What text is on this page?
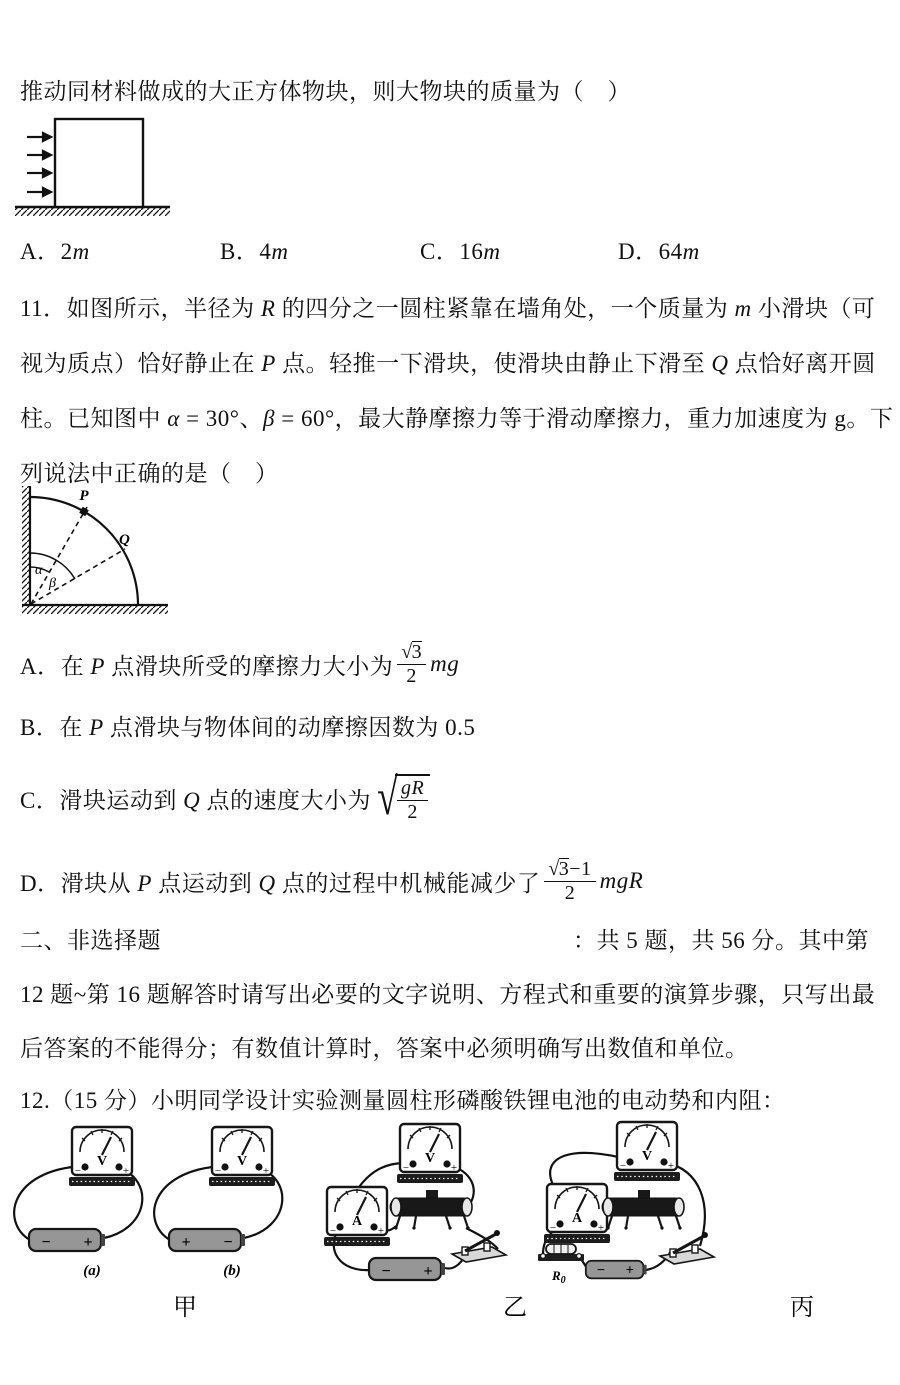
推动同材料做成的大正方体物块，则大物块的质量为（　）
A．2m	B．4m	C．16m	D．64m
11．如图所示，半径为 R 的四分之一圆柱紧靠在墙角处，一个质量为 m 小滑块（可
视为质点）恰好静止在 P 点。轻推一下滑块，使滑块由静止下滑至 Q 点恰好离开圆
柱。已知图中 α = 30°、β = 60°，最大静摩擦力等于滑动摩擦力，重力加速度为 g。下
列说法中正确的是（　）
P
Q
α
β
A． 在 P 点滑块所受的摩擦力大小为 $\frac{√3}{2}$ mg
B． 在 P 点滑块与物体间的动摩擦因数为 0.5
C． 滑块运动到 Q 点的速度大小为 √ $\frac{gR}{2}$
D． 滑块从 P 点运动到 Q 点的过程中机械能减少了 $\frac{√3-1}{2}$ mgR
二、非选择题	：共 5 题，共 56 分。其中第
12 题~第 16 题解答时请写出必要的文字说明、方程式和重要的演算步骤，只写出最
后答案的不能得分；有数值计算时，答案中必须明确写出数值和单位。
12.（15 分）小明同学设计实验测量圆柱形磷酸铁锂电池的电动势和内阻：
V
− +
(a)
V
+ −
(b)
甲
A
V
− +
乙
V
A
$R_0$
− +
丙
